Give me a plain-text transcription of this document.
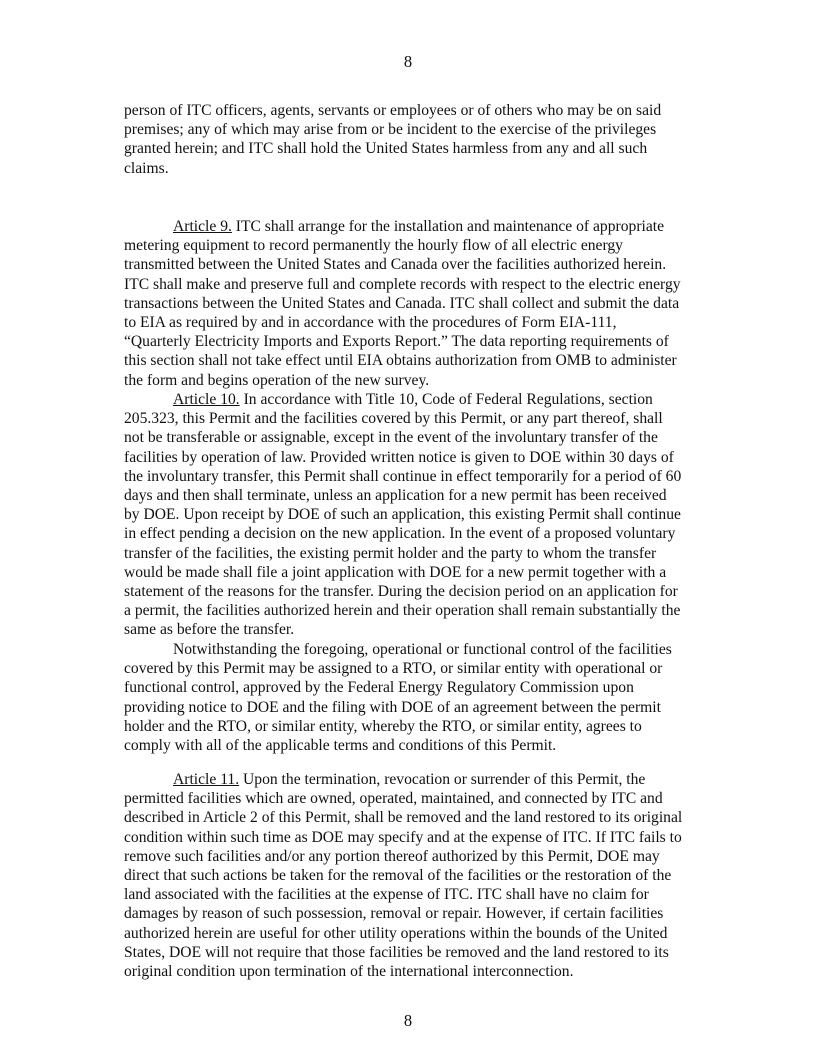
8

person of ITC officers, agents, servants or employees or of others who may be on said premises; any of which may arise from or be incident to the exercise of the privileges granted herein; and ITC shall hold the United States harmless from any and all such claims.

Article 9. ITC shall arrange for the installation and maintenance of appropriate metering equipment to record permanently the hourly flow of all electric energy transmitted between the United States and Canada over the facilities authorized herein. ITC shall make and preserve full and complete records with respect to the electric energy transactions between the United States and Canada. ITC shall collect and submit the data to EIA as required by and in accordance with the procedures of Form EIA-111, “Quarterly Electricity Imports and Exports Report.” The data reporting requirements of this section shall not take effect until EIA obtains authorization from OMB to administer the form and begins operation of the new survey.

Article 10. In accordance with Title 10, Code of Federal Regulations, section 205.323, this Permit and the facilities covered by this Permit, or any part thereof, shall not be transferable or assignable, except in the event of the involuntary transfer of the facilities by operation of law. Provided written notice is given to DOE within 30 days of the involuntary transfer, this Permit shall continue in effect temporarily for a period of 60 days and then shall terminate, unless an application for a new permit has been received by DOE. Upon receipt by DOE of such an application, this existing Permit shall continue in effect pending a decision on the new application. In the event of a proposed voluntary transfer of the facilities, the existing permit holder and the party to whom the transfer would be made shall file a joint application with DOE for a new permit together with a statement of the reasons for the transfer. During the decision period on an application for a permit, the facilities authorized herein and their operation shall remain substantially the same as before the transfer.

Notwithstanding the foregoing, operational or functional control of the facilities covered by this Permit may be assigned to a RTO, or similar entity with operational or functional control, approved by the Federal Energy Regulatory Commission upon providing notice to DOE and the filing with DOE of an agreement between the permit holder and the RTO, or similar entity, whereby the RTO, or similar entity, agrees to comply with all of the applicable terms and conditions of this Permit.

Article 11. Upon the termination, revocation or surrender of this Permit, the permitted facilities which are owned, operated, maintained, and connected by ITC and described in Article 2 of this Permit, shall be removed and the land restored to its original condition within such time as DOE may specify and at the expense of ITC. If ITC fails to remove such facilities and/or any portion thereof authorized by this Permit, DOE may direct that such actions be taken for the removal of the facilities or the restoration of the land associated with the facilities at the expense of ITC. ITC shall have no claim for damages by reason of such possession, removal or repair. However, if certain facilities authorized herein are useful for other utility operations within the bounds of the United States, DOE will not require that those facilities be removed and the land restored to its original condition upon termination of the international interconnection.

8
